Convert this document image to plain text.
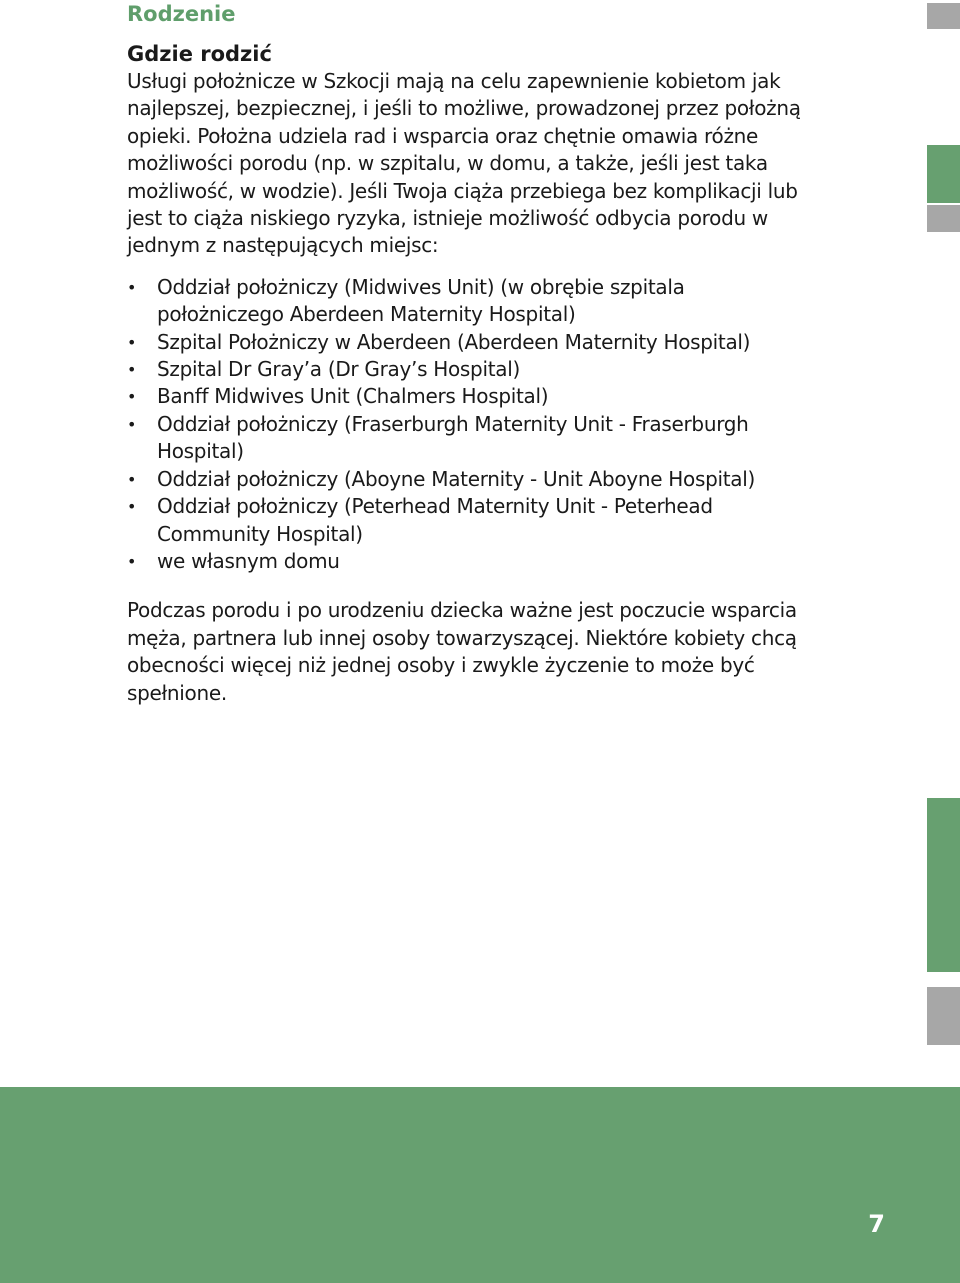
Rodzenie
Gdzie rodzić

Usługi położnicze w Szkocji mają na celu zapewnienie kobietom jak najlepszej, bezpiecznej, i jeśli to możliwe, prowadzonej przez położną opieki. Położna udziela rad i wsparcia oraz chętnie omawia różne możliwości porodu (np. w szpitalu, w domu, a także, jeśli jest taka możliwość, w wodzie). Jeśli Twoja ciąża przebiega bez komplikacji lub jest to ciąża niskiego ryzyka, istnieje możliwość odbycia porodu w jednym z następujących miejsc:

• Oddział położniczy (Midwives Unit) (w obrębie szpitala położniczego Aberdeen Maternity Hospital)
• Szpital Położniczy w Aberdeen (Aberdeen Maternity Hospital)
• Szpital Dr Gray’a (Dr Gray’s Hospital)
• Banff Midwives Unit (Chalmers Hospital)
• Oddział położniczy (Fraserburgh Maternity Unit - Fraserburgh Hospital)
• Oddział położniczy (Aboyne Maternity - Unit Aboyne Hospital)
• Oddział położniczy (Peterhead Maternity Unit - Peterhead Community Hospital)
• we własnym domu

Podczas porodu i po urodzeniu dziecka ważne jest poczucie wsparcia męża, partnera lub innej osoby towarzyszącej. Niektóre kobiety chcą obecności więcej niż jednej osoby i zwykle życzenie to może być spełnione.

7
